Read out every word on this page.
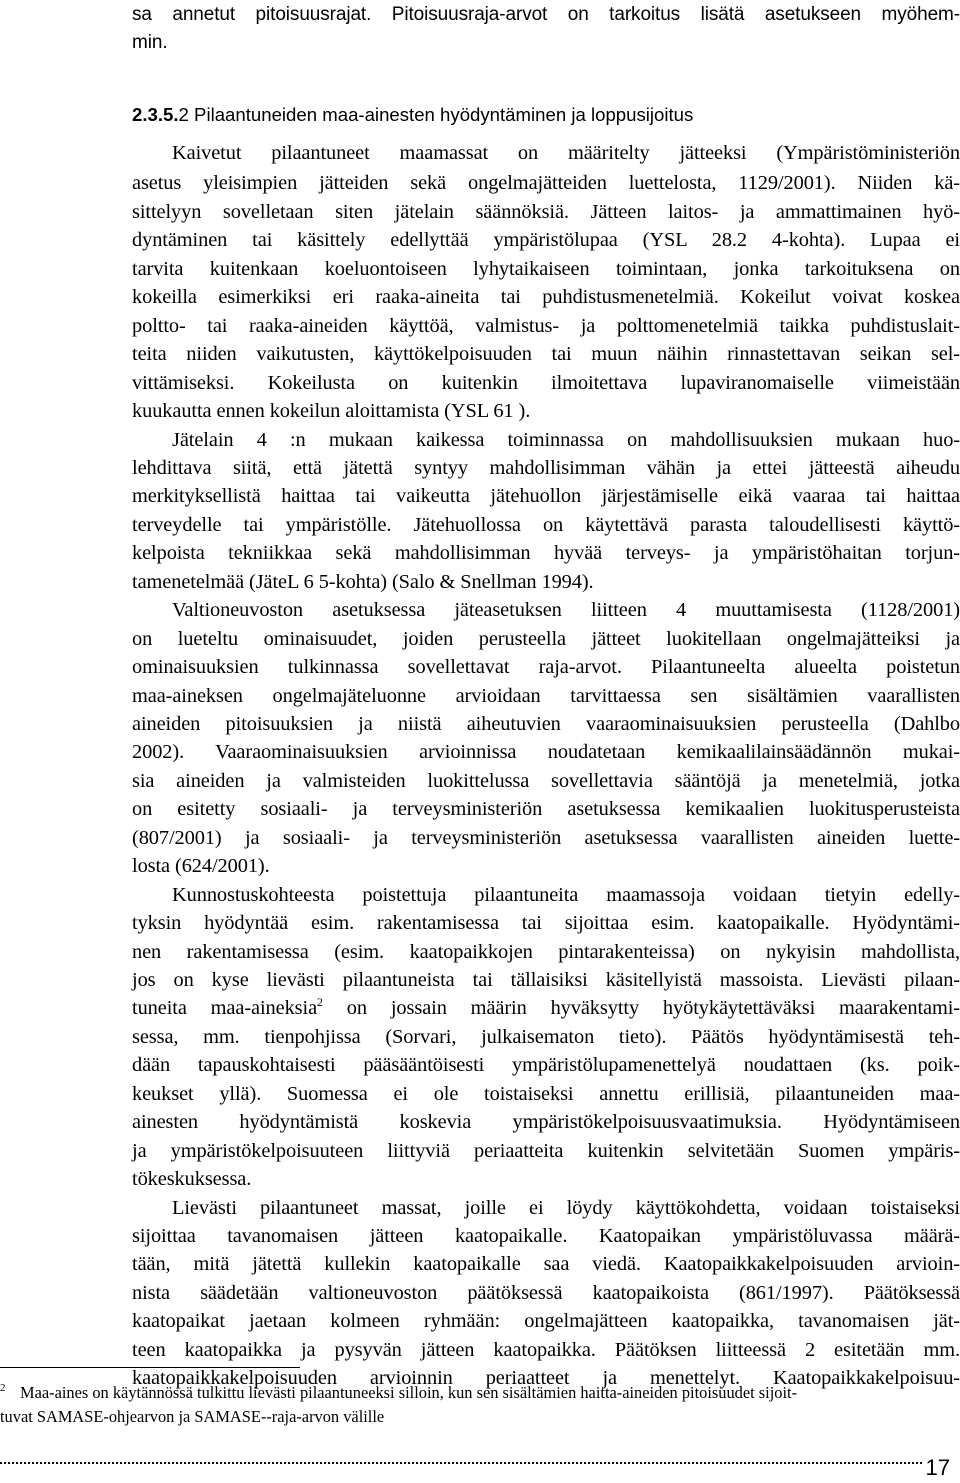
sa annetut pitoisuusrajat. Pitoisuusraja-arvot on tarkoitus lisätä asetukseen myöhem-
min.
2.3.5.2 Pilaantuneiden maa-ainesten hyödyntäminen ja loppusijoitus
Kaivetut pilaantuneet maamassat on määritelty jätteeksi (Ympäristöministeriön
asetus yleisimpien jätteiden sekä ongelmajätteiden luettelosta, 1129/2001). Niiden kä-
sittelyyn sovelletaan siten jätelain säännöksiä. Jätteen laitos- ja ammattimainen hyö-
dyntäminen tai käsittely edellyttää ympäristölupaa (YSL 28.2 4-kohta). Lupaa ei
tarvita kuitenkaan koeluontoiseen lyhytaikaiseen toimintaan, jonka tarkoituksena on
kokeilla esimerkiksi eri raaka-aineita tai puhdistusmenetelmiä. Kokeilut voivat koskea
poltto- tai raaka-aineiden käyttöä, valmistus- ja polttomenetelmiä taikka puhdistuslait-
teita niiden vaikutusten, käyttökelpoisuuden tai muun näihin rinnastettavan seikan sel-
vittämiseksi. Kokeilusta on kuitenkin ilmoitettava lupaviranomaiselle viimeistään
kuukautta ennen kokeilun aloittamista (YSL 61 ).
Jätelain 4 :n mukaan kaikessa toiminnassa on mahdollisuuksien mukaan huo-
lehdittava siitä, että jätettä syntyy mahdollisimman vähän ja ettei jätteestä aiheudu
merkityksellistä haittaa tai vaikeutta jätehuollon järjestämiselle eikä vaaraa tai haittaa
terveydelle tai ympäristölle. Jätehuollossa on käytettävä parasta taloudellisesti käyttö-
kelpoista tekniikkaa sekä mahdollisimman hyvää terveys- ja ympäristöhaitan torjun-
tamenetelmää (JäteL 6 5-kohta) (Salo & Snellman 1994).
Valtioneuvoston asetuksessa jäteasetuksen liitteen 4 muuttamisesta (1128/2001)
on lueteltu ominaisuudet, joiden perusteella jätteet luokitellaan ongelmajätteiksi ja
ominaisuuksien tulkinnassa sovellettavat raja-arvot. Pilaantuneelta alueelta poistetun
maa-aineksen ongelmajäteluonne arvioidaan tarvittaessa sen sisältämien vaarallisten
aineiden pitoisuuksien ja niistä aiheutuvien vaaraominaisuuksien perusteella (Dahlbo
2002). Vaaraominaisuuksien arvioinnissa noudatetaan kemikaalilainsäädännön mukai-
sia aineiden ja valmisteiden luokittelussa sovellettavia sääntöjä ja menetelmiä, jotka
on esitetty sosiaali- ja terveysministeriön asetuksessa kemikaalien luokitusperusteista
(807/2001) ja sosiaali- ja terveysministeriön asetuksessa vaarallisten aineiden luette-
losta (624/2001).
Kunnostuskohteesta poistettuja pilaantuneita maamassoja voidaan tietyin edelly-
tyksin hyödyntää esim. rakentamisessa tai sijoittaa esim. kaatopaikalle. Hyödyntämi-
nen rakentamisessa (esim. kaatopaikkojen pintarakenteissa) on nykyisin mahdollista,
jos on kyse lievästi pilaantuneista tai tällaisiksi käsitellyistä massoista. Lievästi pilaan-
tuneita maa-aineksia$^2$ on jossain määrin hyväksytty hyötykäytettäväksi maarakentami-
sessa, mm. tienpohjissa (Sorvari, julkaisematon tieto). Päätös hyödyntämisestä teh-
dään tapauskohtaisesti pääsääntöisesti ympäristölupamenettelyä noudattaen (ks. poik-
keukset yllä). Suomessa ei ole toistaiseksi annettu erillisiä, pilaantuneiden maa-
ainesten hyödyntämistä koskevia ympäristökelpoisuusvaatimuksia. Hyödyntämiseen
ja ympäristökelpoisuuteen liittyviä periaatteita kuitenkin selvitetään Suomen ympäris-
tökeskuksessa.
Lievästi pilaantuneet massat, joille ei löydy käyttökohdetta, voidaan toistaiseksi
sijoittaa tavanomaisen jätteen kaatopaikalle. Kaatopaikan ympäristöluvassa määrä-
tään, mitä jätettä kullekin kaatopaikalle saa viedä. Kaatopaikkakelpoisuuden arvioin-
nista säädetään valtioneuvoston päätöksessä kaatopaikoista (861/1997). Päätöksessä
kaatopaikat jaetaan kolmeen ryhmään: ongelmajätteen kaatopaikka, tavanomaisen jät-
teen kaatopaikka ja pysyvän jätteen kaatopaikka. Päätöksen liitteessä 2 esitetään mm.
kaatopaikkakelpoisuuden arvioinnin periaatteet ja menettelyt. Kaatopaikkakelpoisuu-
$^2$ Maa-aines on käytännössä tulkittu lievästi pilaantuneeksi silloin, kun sen sisältämien haitta-aineiden pitoisuudet sijoit-
tuvat SAMASE-ohjearvon ja SAMASE--raja-arvon välille
17
